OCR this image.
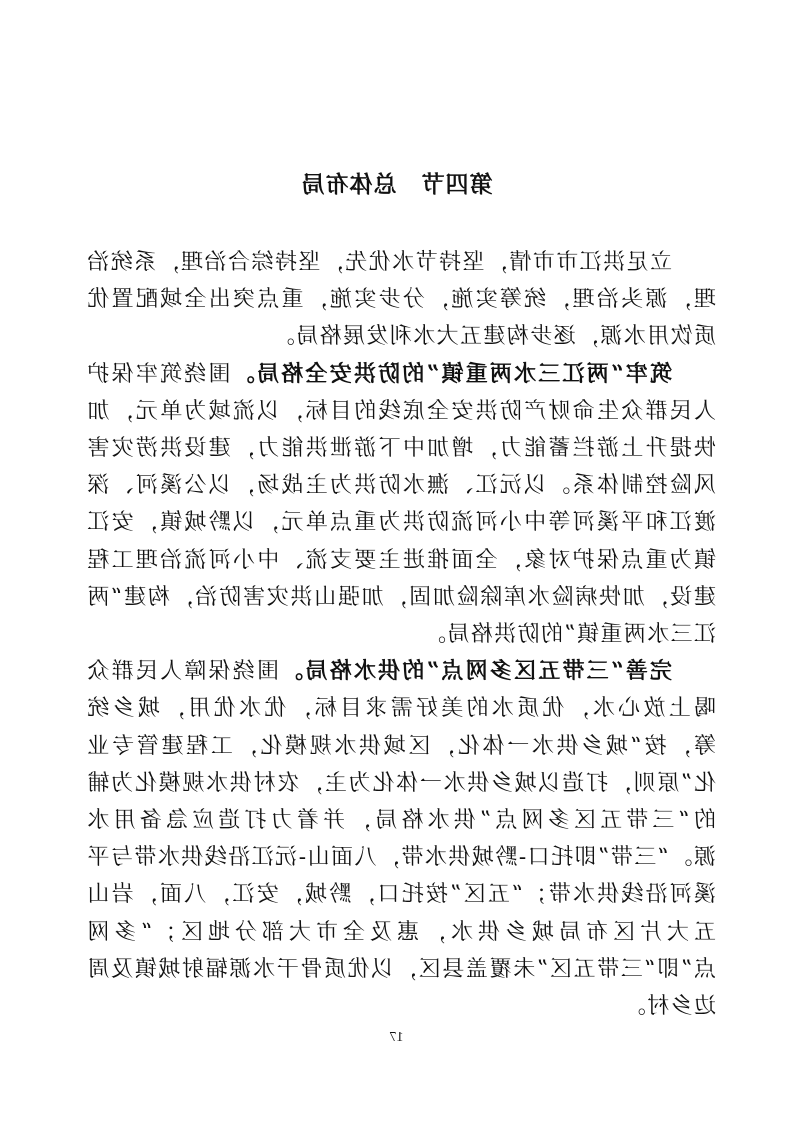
第四节　总体布局

立足洪江市市情，坚持节水优先，坚持综合治理，系统治理，源头治理，统筹实施，分步实施，重点突出全域配置优质饮用水源，逐步构建五大水利发展格局。

筑牢“两江三水两重镇”的防洪安全格局。围绕筑牢保护人民群众生命财产防洪安全底线的目标，以流域为单元，加快提升上游拦蓄能力，增加中下游泄洪能力，建设洪涝灾害风险控制体系。以沅江、潕水防洪为主战场，以公溪河、深渡江和平溪河等中小河流防洪为重点单元，以黔城镇，安江镇为重点保护对象，全面推进主要支流、中小河流治理工程建设，加快病险水库除险加固，加强山洪灾害防治，构建“两江三水两重镇”的防洪格局。

完善“三带五区多网点”的供水格局。围绕保障人民群众喝上放心水，优质水的美好需求目标，优水优用，城乡统筹，按“城乡供水一体化，区域供水规模化，工程建管专业化”原则，打造以城乡供水一体化为主，农村供水规模化为辅的“三带五区多网点”供水格局，并着力打造应急备用水源。“三带”即托口-黔城供水带，八面山-沅江沿线供水带与平溪河沿线供水带；“五区”按托口，黔城，安江，八面，岩山五大片区布局城乡供水，惠及全市大部分地区；“多网点”即“三带五区”未覆盖县区，以优质骨干水源辐射城镇及周边乡村。

17
